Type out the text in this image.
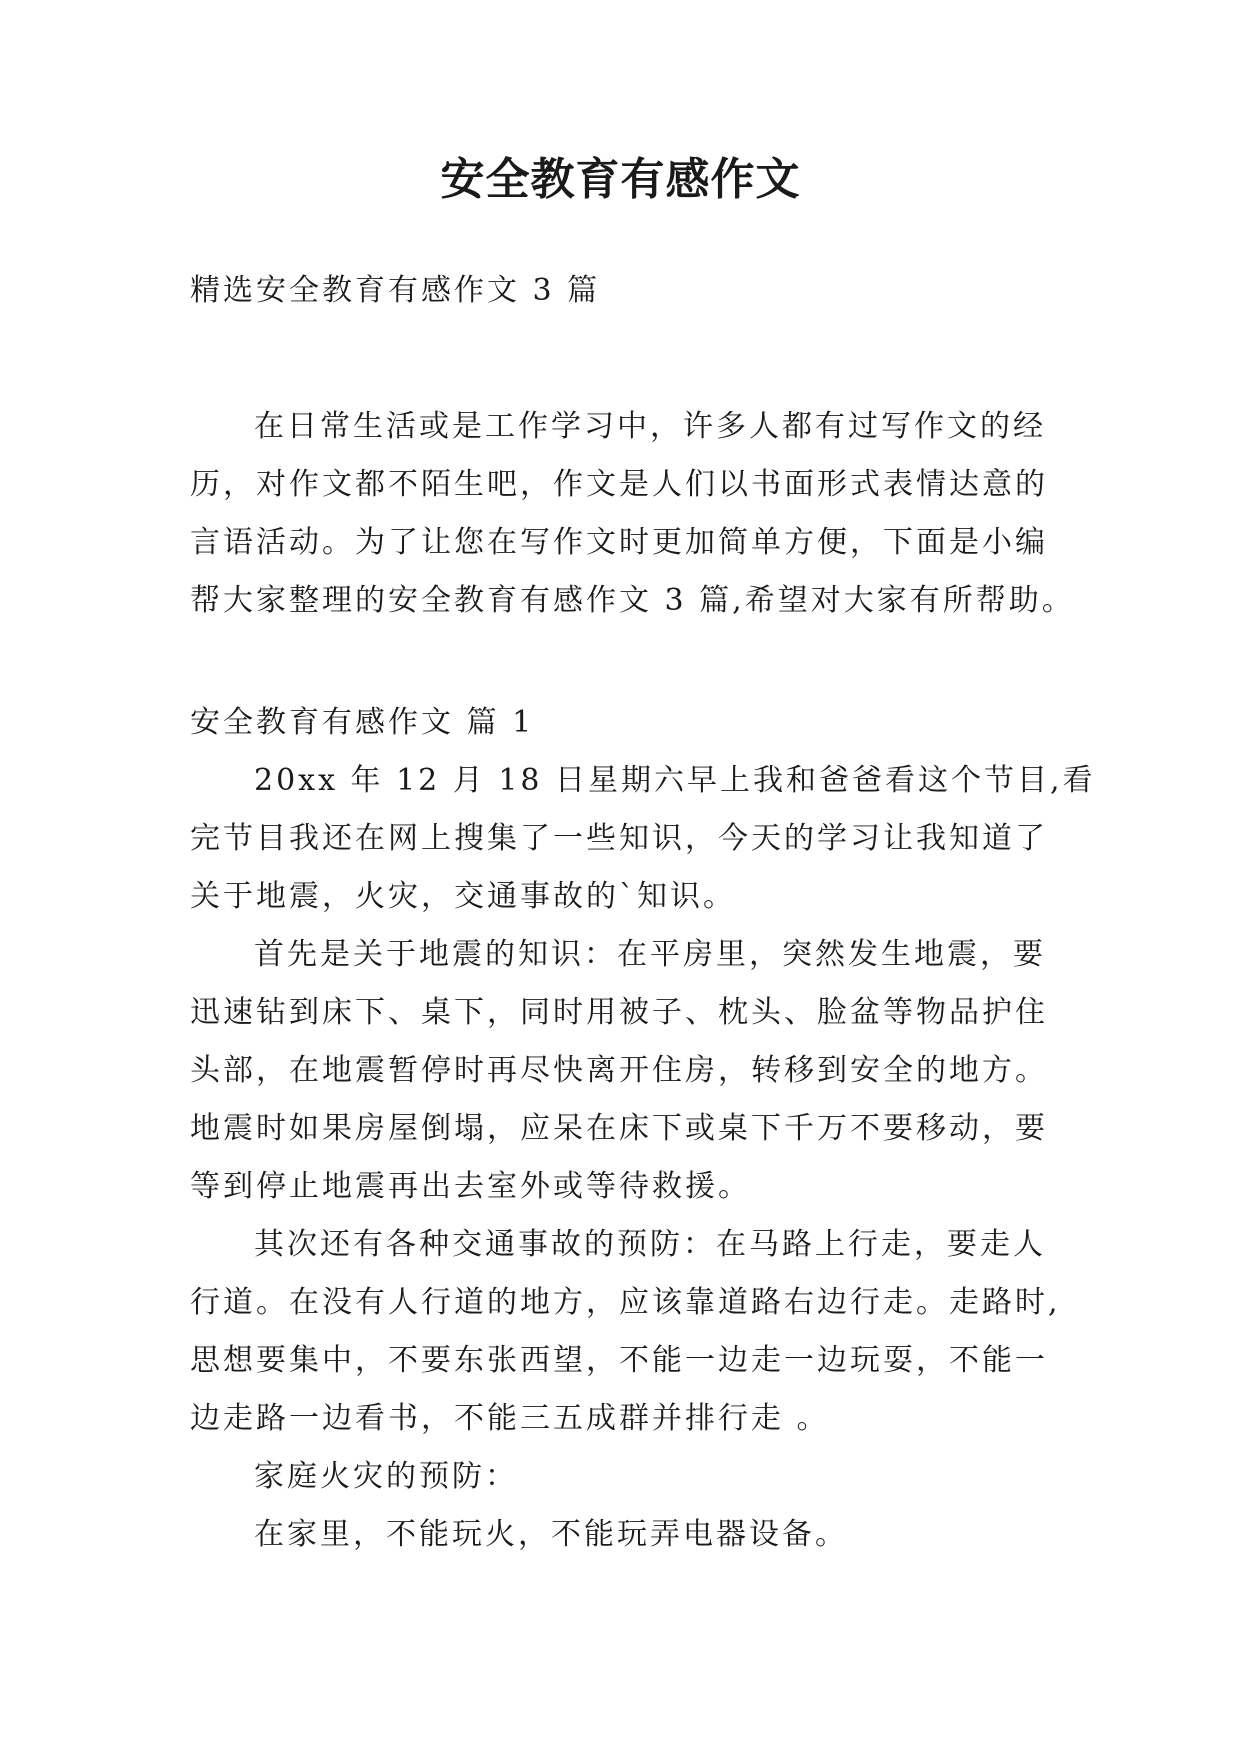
安全教育有感作文
精选安全教育有感作文 3 篇
在日常生活或是工作学习中，许多人都有过写作文的经
历，对作文都不陌生吧，作文是人们以书面形式表情达意的
言语活动。为了让您在写作文时更加简单方便，下面是小编
帮大家整理的安全教育有感作文 3 篇,希望对大家有所帮助。
安全教育有感作文 篇 1
20xx 年 12 月 18 日星期六早上我和爸爸看这个节目,看
完节目我还在网上搜集了一些知识，今天的学习让我知道了
关于地震，火灾，交通事故的`知识。
首先是关于地震的知识：在平房里，突然发生地震，要
迅速钻到床下、桌下，同时用被子、枕头、脸盆等物品护住
头部，在地震暂停时再尽快离开住房，转移到安全的地方。
地震时如果房屋倒塌，应呆在床下或桌下千万不要移动，要
等到停止地震再出去室外或等待救援。
其次还有各种交通事故的预防：在马路上行走，要走人
行道。在没有人行道的地方，应该靠道路右边行走。走路时,
思想要集中，不要东张西望，不能一边走一边玩耍，不能一
边走路一边看书，不能三五成群并排行走 。
家庭火灾的预防：
在家里，不能玩火，不能玩弄电器设备。
